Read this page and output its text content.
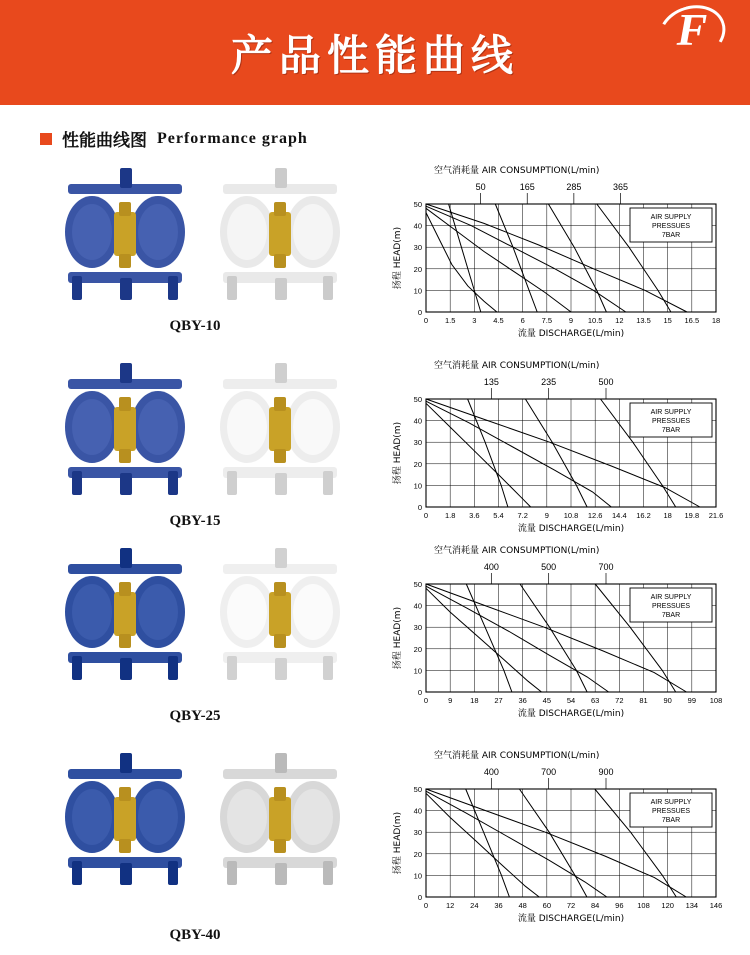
产品性能曲线	F
性能曲线图 Performance graph
QBY-10	0 1.5 3 4.5 6 7.5 9 10.5 12 13.5 15 16.5 18
0
10
20
30
40
50
空气消耗量 AIR CONSUMPTION(L/min)
50	165	285	365
AIR SUPPLY
PRESSUES
7BAR
流量 DISCHARGE(L/min)
扬程 HEAD(m)
QBY-15	0 1.8 3.6 5.4 7.2 9 10.8 12.6 14.4 16.2 18 19.8 21.6
0
10
20
30
40
50
空气消耗量 AIR CONSUMPTION(L/min)
135	235	500
AIR SUPPLY
PRESSUES
7BAR
流量 DISCHARGE(L/min)
扬程 HEAD(m)
QBY-25
0	9 18 27 36 45 54 63 72 81 90 99 108
0
10
20
30
40
50
空气消耗量 AIR CONSUMPTION(L/min)
400	500	700
AIR SUPPLY
PRESSUES
7BAR
流量 DISCHARGE(L/min)
扬程 HEAD(m)
QBY-40
0 12 24 36 48 60 72 84 96 108 120 134 146
0
10
20
30
40
50
空气消耗量 AIR CONSUMPTION(L/min)
400	700	900
AIR SUPPLY
PRESSUES
7BAR
流量 DISCHARGE(L/min)
扬程 HEAD(m)
